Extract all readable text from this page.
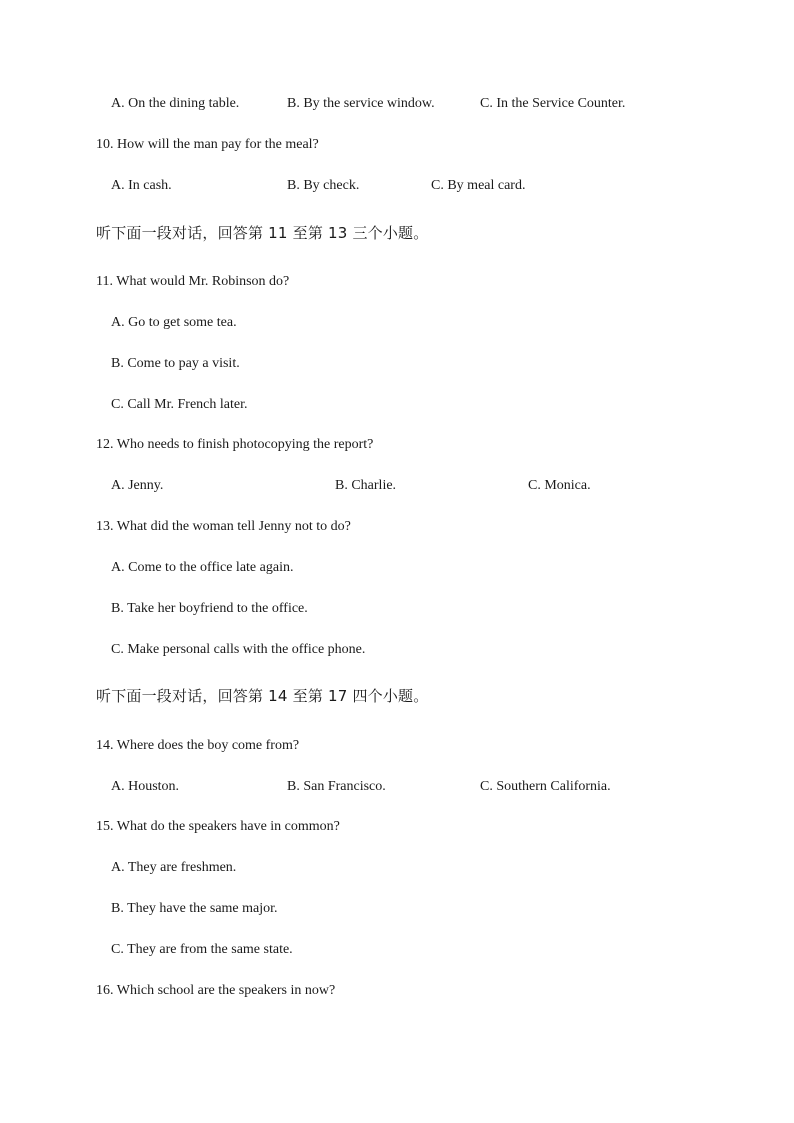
A. On the dining table.	B. By the service window.	C. In the Service Counter.
10. How will the man pay for the meal?
A. In cash.	B. By check.	C. By meal card.
听下面一段对话，回答第 11 至第 13 三个小题。
11. What would Mr. Robinson do?
A. Go to get some tea.
B. Come to pay a visit.
C. Call Mr. French later.
12. Who needs to finish photocopying the report?
A. Jenny.	B. Charlie.	C. Monica.
13. What did the woman tell Jenny not to do?
A. Come to the office late again.
B. Take her boyfriend to the office.
C. Make personal calls with the office phone.
听下面一段对话，回答第 14 至第 17 四个小题。
14. Where does the boy come from?
A. Houston.	B. San Francisco.	C. Southern California.
15. What do the speakers have in common?
A. They are freshmen.
B. They have the same major.
C. They are from the same state.
16. Which school are the speakers in now?
